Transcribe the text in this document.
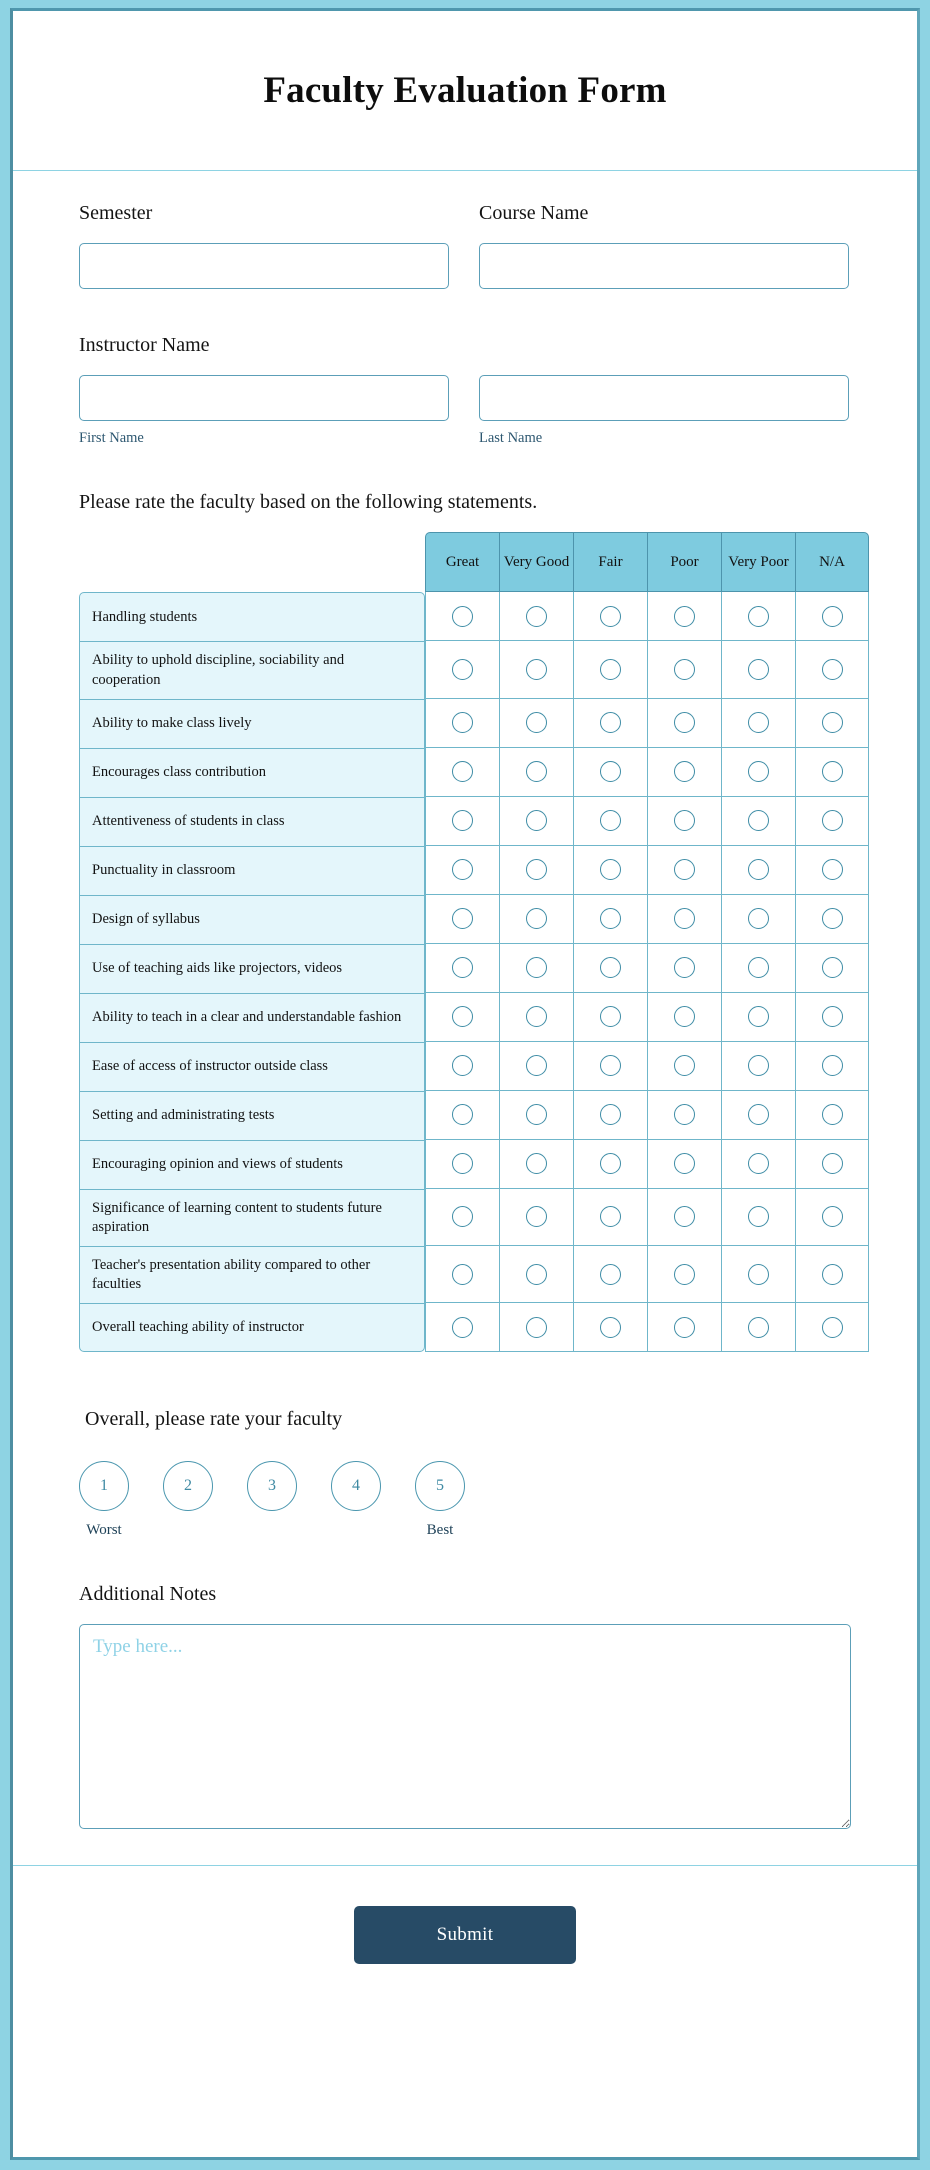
Faculty Evaluation Form
Semester	Course Name
Instructor Name
First Name	Last Name
Please rate the faculty based on the following statements.
	Great	Very Good	Fair	Poor	Very Poor	N/A
Handling students						
Ability to uphold discipline, sociability and cooperation						
Ability to make class lively						
Encourages class contribution						
Attentiveness of students in class						
Punctuality in classroom						
Design of syllabus						
Use of teaching aids like projectors, videos						
Ability to teach in a clear and understandable fashion						
Ease of access of instructor outside class						
Setting and administrating tests						
Encouraging opinion and views of students						
Significance of learning content to students future aspiration						
Teacher's presentation ability compared to other faculties						
Overall teaching ability of instructor						
Overall, please rate your faculty
1
Worst
2	3	4	5
Best
Additional Notes
Type here...
Submit
